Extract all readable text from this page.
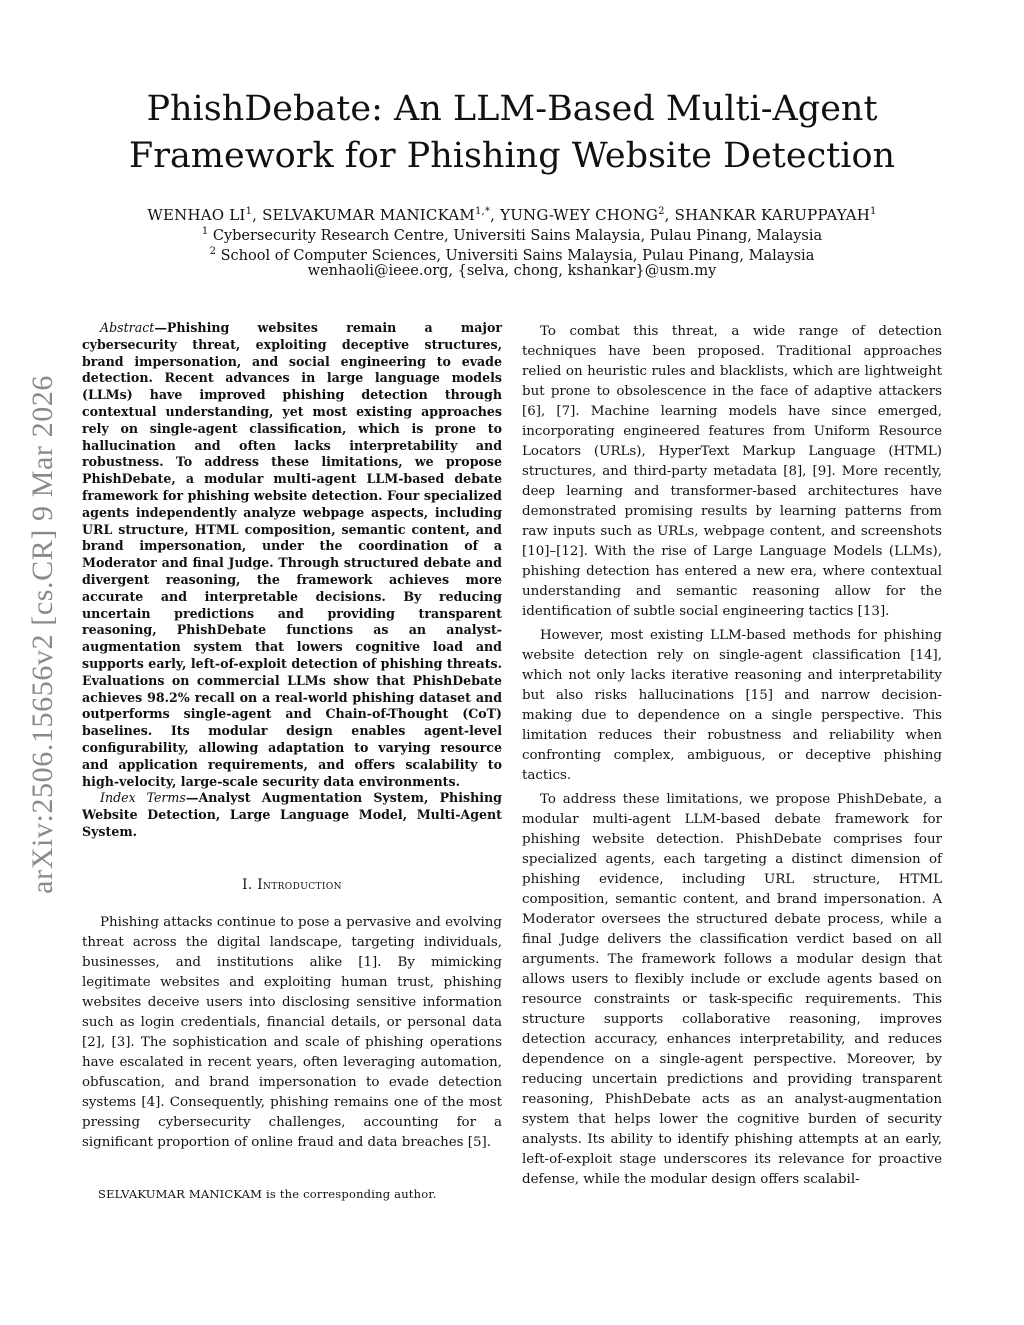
arXiv:2506.15656v2 [cs.CR] 9 Mar 2026
PhishDebate: An LLM-Based Multi-Agent Framework for Phishing Website Detection
WENHAO $LI^1$, SELVAKUMAR $MANICKAM^{1,*}$, YUNG-WEY CHONG$^2$, SHANKAR KARUPPAYAH$^1$
$^1$ Cybersecurity Research Centre, Universiti Sains Malaysia, Pulau Pinang, Malaysia
$^2$ School of Computer Sciences, Universiti Sains Malaysia, Pulau Pinang, Malaysia
wenhaoli@ieee.org, {selva, chong, kshankar}@usm.my

Abstract—Phishing websites remain a major cybersecurity threat, exploiting deceptive structures, brand impersonation, and social engineering to evade detection. Recent advances in large language models (LLMs) have improved phishing detection through contextual understanding, yet most existing approaches rely on single-agent classification, which is prone to hallucination and often lacks interpretability and robustness. To address these limitations, we propose PhishDebate, a modular multi-agent LLM-based debate framework for phishing website detection. Four specialized agents independently analyze webpage aspects, including URL structure, HTML composition, semantic content, and brand impersonation, under the coordination of a Moderator and final Judge. Through structured debate and divergent reasoning, the framework achieves more accurate and interpretable decisions. By reducing uncertain predictions and providing transparent reasoning, PhishDebate functions as an analyst-augmentation system that lowers cognitive load and supports early, left-of-exploit detection of phishing threats. Evaluations on commercial LLMs show that PhishDebate achieves 98.2% recall on a real-world phishing dataset and outperforms single-agent and Chain-of-Thought (CoT) baselines. Its modular design enables agent-level configurability, allowing adaptation to varying resource and application requirements, and offers scalability to high-velocity, large-scale security data environments.

Index Terms—Analyst Augmentation System, Phishing Website Detection, Large Language Model, Multi-Agent System.

I. Introduction

Phishing attacks continue to pose a pervasive and evolving threat across the digital landscape, targeting individuals, businesses, and institutions alike [1]. By mimicking legitimate websites and exploiting human trust, phishing websites deceive users into disclosing sensitive information such as login credentials, financial details, or personal data [2], [3]. The sophistication and scale of phishing operations have escalated in recent years, often leveraging automation, obfuscation, and brand impersonation to evade detection systems [4]. Consequently, phishing remains one of the most pressing cybersecurity challenges, accounting for a significant proportion of online fraud and data breaches [5].

SELVAKUMAR MANICKAM is the corresponding author.

To combat this threat, a wide range of detection techniques have been proposed. Traditional approaches relied on heuristic rules and blacklists, which are lightweight but prone to obsolescence in the face of adaptive attackers [6], [7]. Machine learning models have since emerged, incorporating engineered features from Uniform Resource Locators (URLs), HyperText Markup Language (HTML) structures, and third-party metadata [8], [9]. More recently, deep learning and transformer-based architectures have demonstrated promising results by learning patterns from raw inputs such as URLs, webpage content, and screenshots [10]–[12]. With the rise of Large Language Models (LLMs), phishing detection has entered a new era, where contextual understanding and semantic reasoning allow for the identification of subtle social engineering tactics [13].

However, most existing LLM-based methods for phishing website detection rely on single-agent classification [14], which not only lacks iterative reasoning and interpretability but also risks hallucinations [15] and narrow decision-making due to dependence on a single perspective. This limitation reduces their robustness and reliability when confronting complex, ambiguous, or deceptive phishing tactics.

To address these limitations, we propose PhishDebate, a modular multi-agent LLM-based debate framework for phishing website detection. PhishDebate comprises four specialized agents, each targeting a distinct dimension of phishing evidence, including URL structure, HTML composition, semantic content, and brand impersonation. A Moderator oversees the structured debate process, while a final Judge delivers the classification verdict based on all arguments. The framework follows a modular design that allows users to flexibly include or exclude agents based on resource constraints or task-specific requirements. This structure supports collaborative reasoning, improves detection accuracy, enhances interpretability, and reduces dependence on a single-agent perspective. Moreover, by reducing uncertain predictions and providing transparent reasoning, PhishDebate acts as an analyst-augmentation system that helps lower the cognitive burden of security analysts. Its ability to identify phishing attempts at an early, left-of-exploit stage underscores its relevance for proactive defense, while the modular design offers scalabil-
